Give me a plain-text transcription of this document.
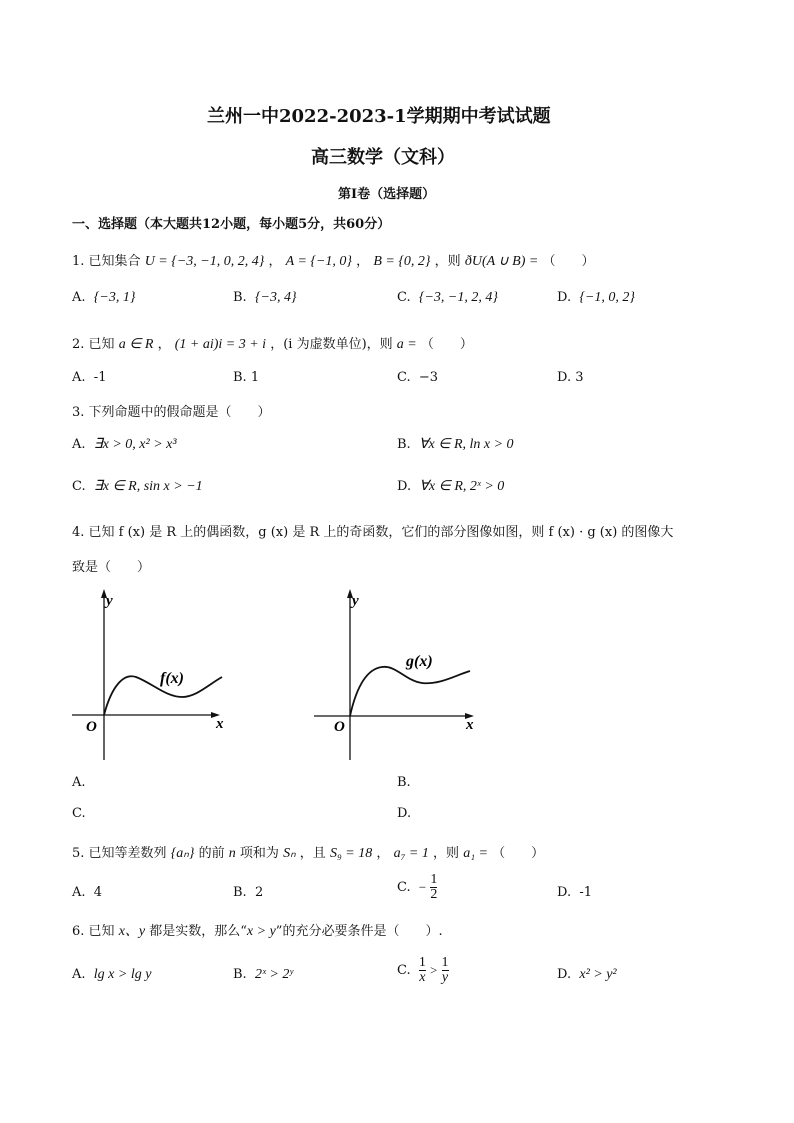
兰州一中2022-2023-1学期期中考试试题
高三数学（文科）
第Ⅰ卷（选择题）
一、选择题（本大题共12小题，每小题5分，共60分）
1. 已知集合 U = {−3, −1, 0, 2, 4} ， A = {−1, 0} ， B = {0, 2} ，则 ðU(A ∪ B) = （　　）
A. {−3, 1}	B. {−3, 4}	C. {−3, −1, 2, 4}	D. {−1, 0, 2}
2. 已知 a ∈ R ， (1 + ai)i = 3 + i ，(i 为虚数单位)，则 a = （　　）
A. -1	B. 1	C. −3	D. 3
3. 下列命题中的假命题是（　　）
A. ∃x > 0, x² > x³	B. ∀x ∈ R, ln x > 0
C. ∃x ∈ R, sin x > −1	D. ∀x ∈ R, 2ˣ > 0
4. 已知 f (x) 是 R 上的偶函数，g (x) 是 R 上的奇函数，它们的部分图像如图，则 f (x) · g (x) 的图像大
致是（　　）
y
x
O
f(x)
y
x
O
g(x)
A.	B.
C.	D.
5. 已知等差数列 {aₙ} 的前 n 项和为 Sₙ ，且 S₉ = 18 ， a₇ = 1 ，则 a₁ = （　　）
A. 4	B. 2	C. − $\frac{1}{2}$	D. -1
6. 已知 x、y 都是实数，那么“x > y”的充分必要条件是（　　）.
A. lg x > lg y	B. 2ˣ > 2ʸ	C. $\frac{1}{x} > \frac{1}{y}$	D. x² > y²
